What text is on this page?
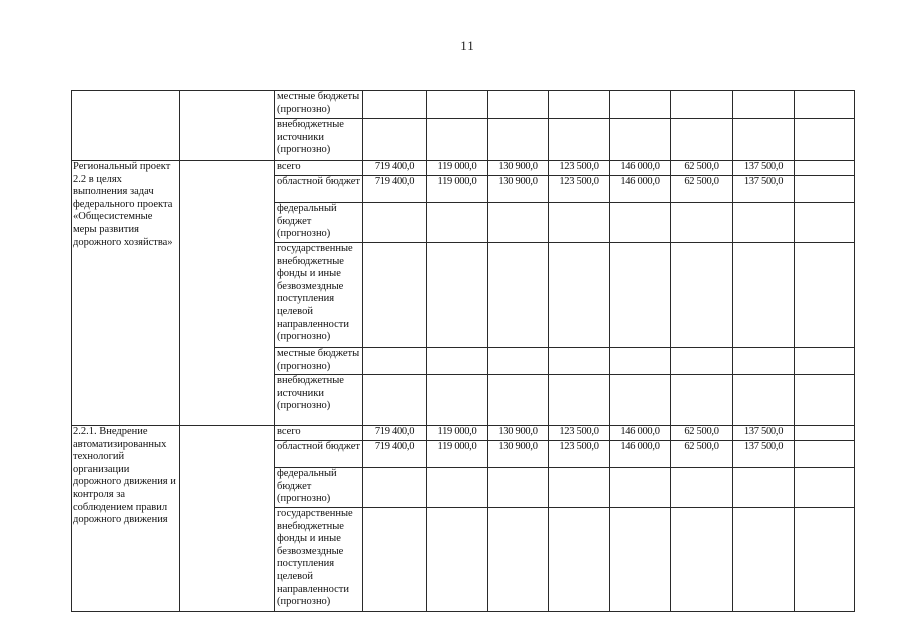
11
		местные бюджеты (прогнозно)								
		внебюджетные источники (прогнозно)								
Региональный проект 2.2 в целях выполнения задач федерального проекта «Общесистемные меры развития дорожного хозяйства»		всего	719 400,0	119 000,0	130 900,0	123 500,0	146 000,0	62 500,0	137 500,0	
		областной бюджет	719 400,0	119 000,0	130 900,0	123 500,0	146 000,0	62 500,0	137 500,0	
		федеральный бюджет (прогнозно)								
		государственные внебюджетные фонды и иные безвозмездные поступления целевой направленности (прогнозно)								
		местные бюджеты (прогнозно)								
		внебюджетные источники (прогнозно)								
2.2.1. Внедрение автоматизированных технологий организации дорожного движения и контроля за соблюдением правил дорожного движения		всего	719 400,0	119 000,0	130 900,0	123 500,0	146 000,0	62 500,0	137 500,0	
		областной бюджет	719 400,0	119 000,0	130 900,0	123 500,0	146 000,0	62 500,0	137 500,0	
		федеральный бюджет (прогнозно)								
		государственные внебюджетные фонды и иные безвозмездные поступления целевой направленности (прогнозно)								
